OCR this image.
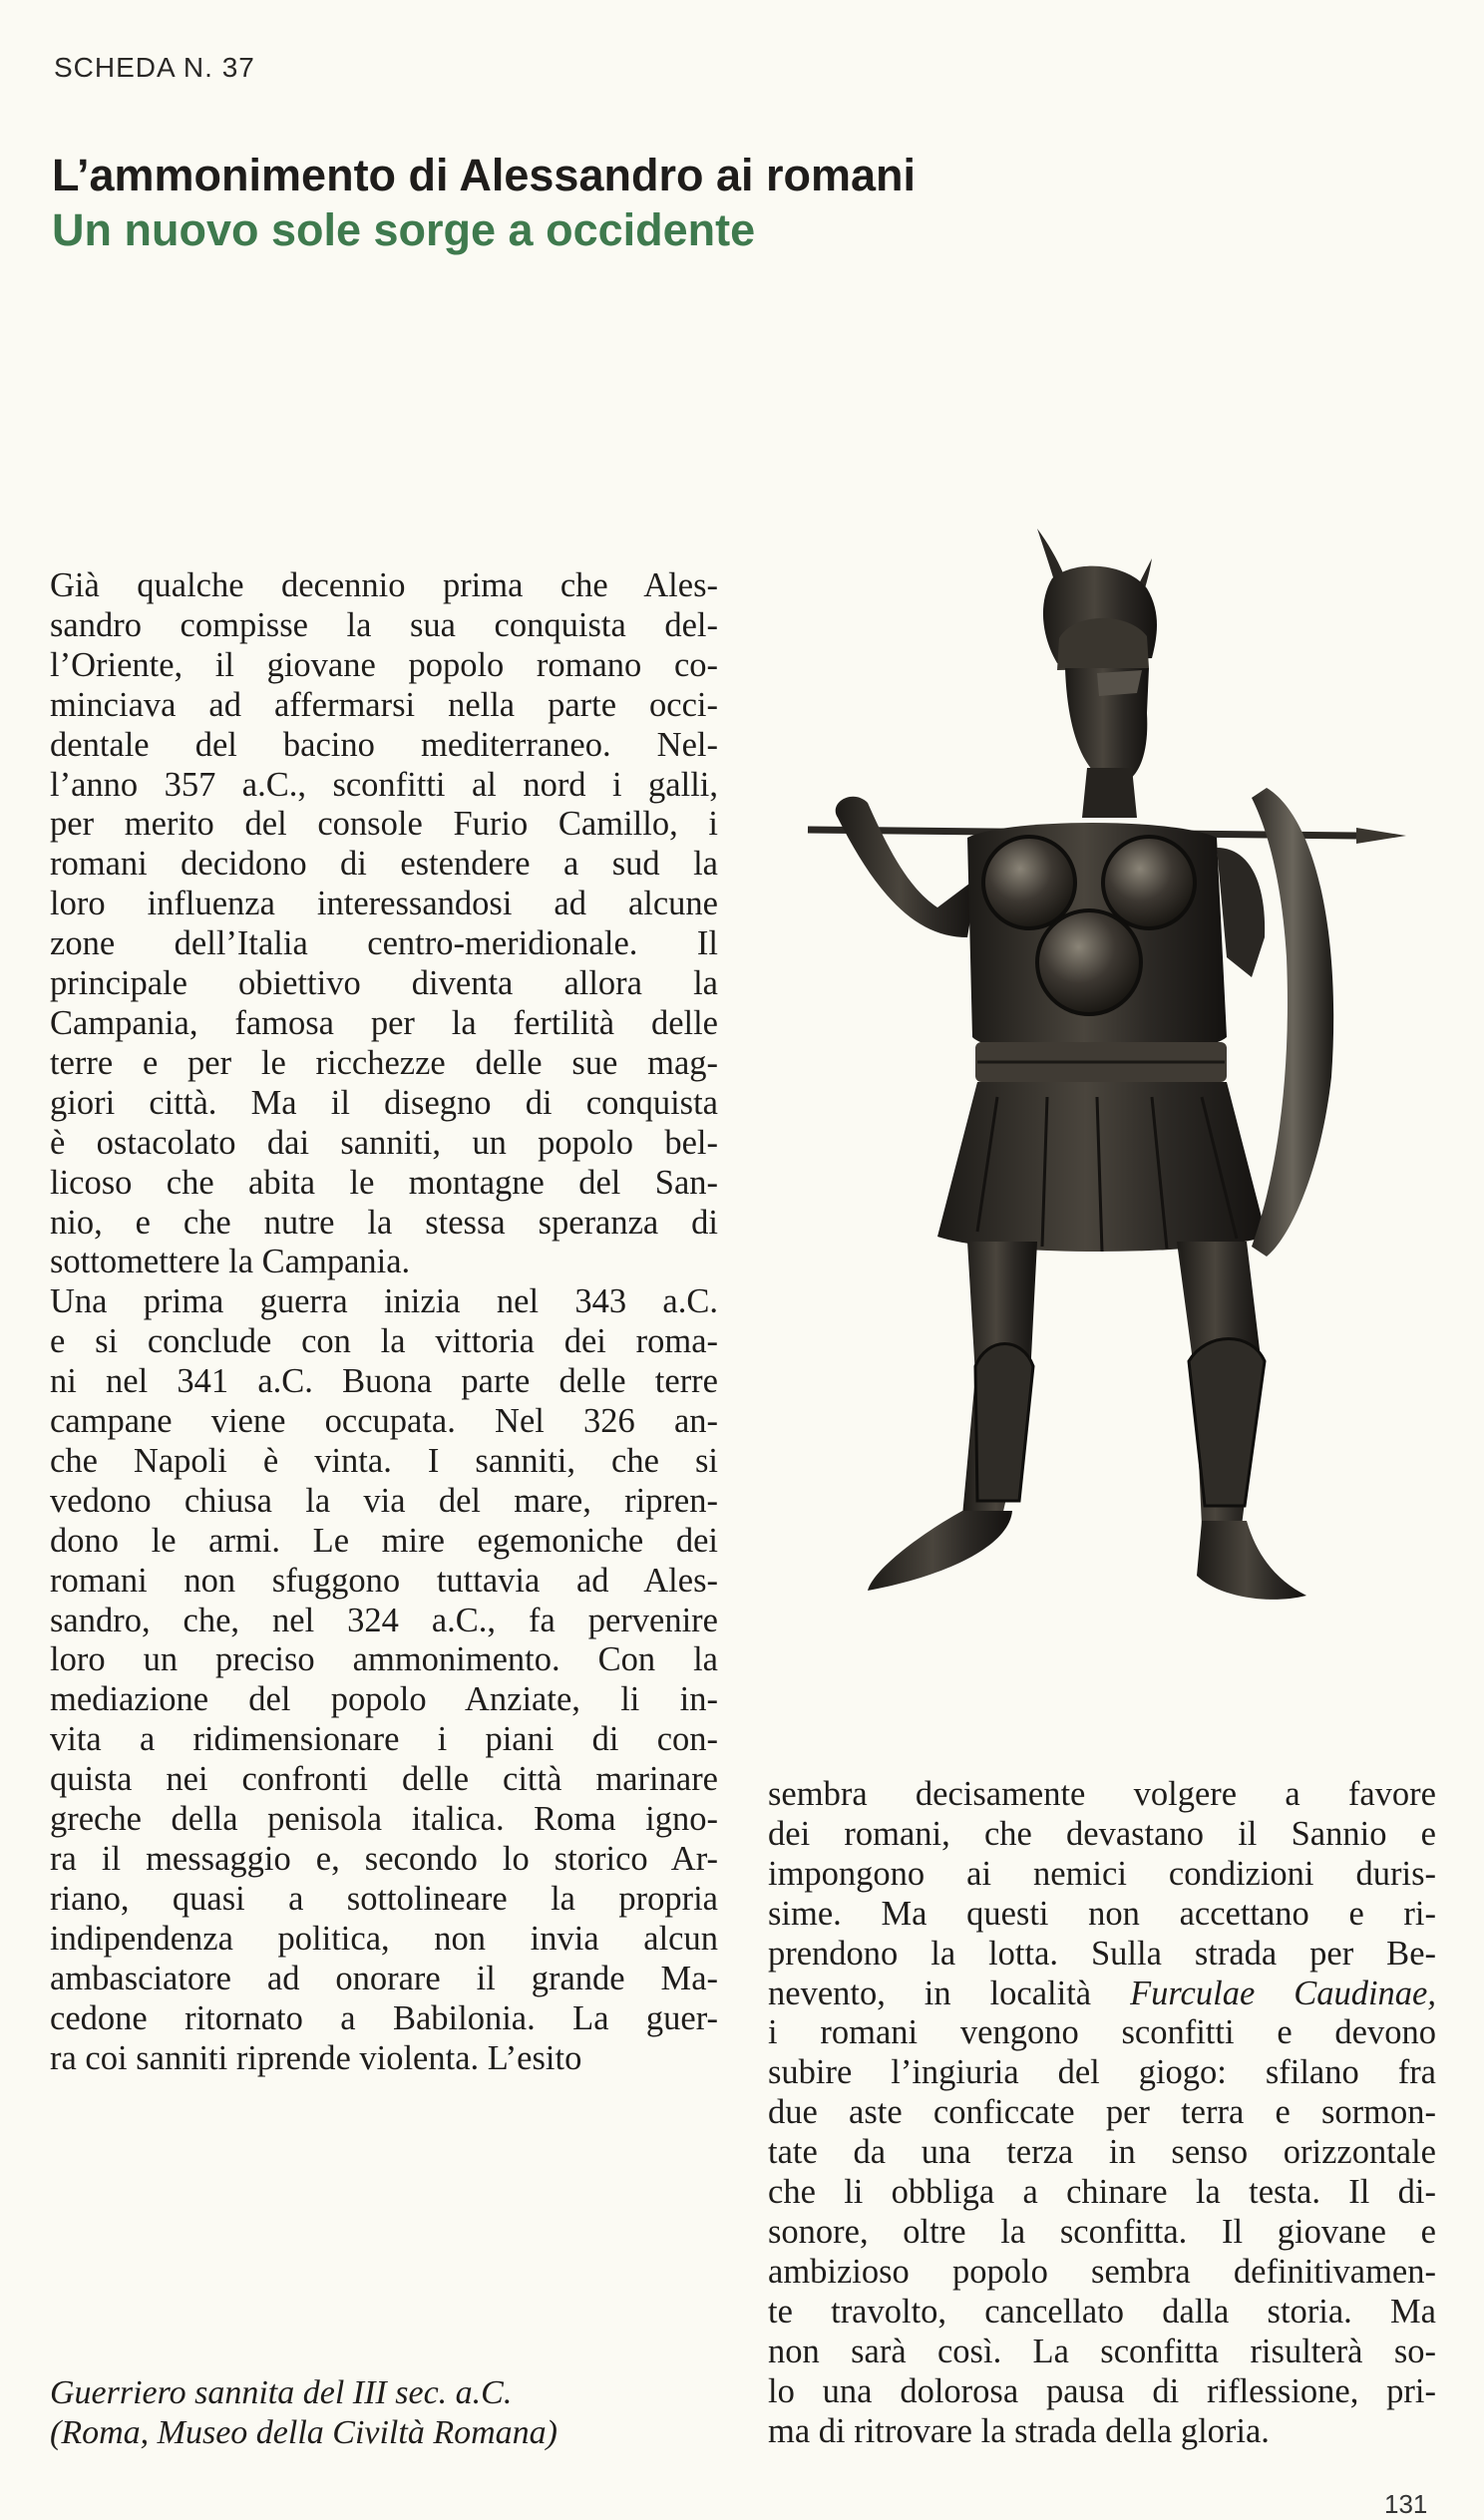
SCHEDA N. 37
L’ammonimento di Alessandro ai romani
Un nuovo sole sorge a occidente
Già qualche decennio prima che Ales-
sandro compisse la sua conquista del-
l’Oriente, il giovane popolo romano co-
minciava ad affermarsi nella parte occi-
dentale del bacino mediterraneo. Nel-
l’anno 357 a.C., sconfitti al nord i galli,
per merito del console Furio Camillo, i
romani decidono di estendere a sud la
loro influenza interessandosi ad alcune
zone dell’Italia centro-meridionale. Il
principale obiettivo diventa allora la
Campania, famosa per la fertilità delle
terre e per le ricchezze delle sue mag-
giori città. Ma il disegno di conquista
è ostacolato dai sanniti, un popolo bel-
licoso che abita le montagne del San-
nio, e che nutre la stessa speranza di
sottomettere la Campania.
Una prima guerra inizia nel 343 a.C.
e si conclude con la vittoria dei roma-
ni nel 341 a.C. Buona parte delle terre
campane viene occupata. Nel 326 an-
che Napoli è vinta. I sanniti, che si
vedono chiusa la via del mare, ripren-
dono le armi. Le mire egemoniche dei
romani non sfuggono tuttavia ad Ales-
sandro, che, nel 324 a.C., fa pervenire
loro un preciso ammonimento. Con la
mediazione del popolo Anziate, li in-
vita a ridimensionare i piani di con-
quista nei confronti delle città marinare
greche della penisola italica. Roma igno-
ra il messaggio e, secondo lo storico Ar-
riano, quasi a sottolineare la propria
indipendenza politica, non invia alcun
ambasciatore ad onorare il grande Ma-
cedone ritornato a Babilonia. La guer-
ra coi sanniti riprende violenta. L’esito
sembra decisamente volgere a favore
dei romani, che devastano il Sannio e
impongono ai nemici condizioni duris-
sime. Ma questi non accettano e ri-
prendono la lotta. Sulla strada per Be-
nevento, in località Furculae Caudinae,
i romani vengono sconfitti e devono
subire l’ingiuria del giogo: sfilano fra
due aste conficcate per terra e sormon-
tate da una terza in senso orizzontale
che li obbliga a chinare la testa. Il di-
sonore, oltre la sconfitta. Il giovane e
ambizioso popolo sembra definitivamen-
te travolto, cancellato dalla storia. Ma
non sarà così. La sconfitta risulterà so-
lo una dolorosa pausa di riflessione, pri-
ma di ritrovare la strada della gloria.
Guerriero sannita del III sec. a.C.
(Roma, Museo della Civiltà Romana)
131
